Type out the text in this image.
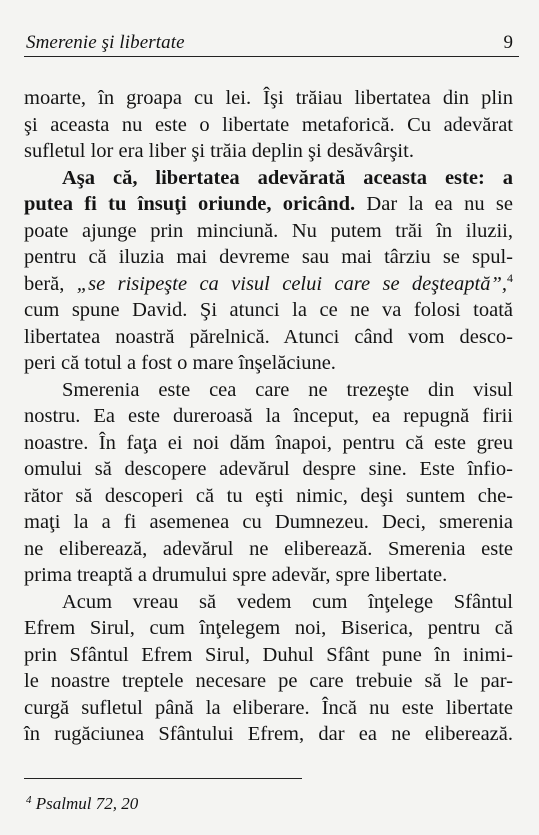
Smerenie şi libertate	9
moarte, în groapa cu lei. Îşi trăiau libertatea din plin
şi aceasta nu este o libertate metaforică. Cu adevărat
sufletul lor era liber şi trăia deplin şi desăvârşit.
Aşa că, libertatea adevărată aceasta este: a
putea fi tu însuţi oriunde, oricând. Dar la ea nu se
poate ajunge prin minciună. Nu putem trăi în iluzii,
pentru că iluzia mai devreme sau mai târziu se spul-
beră, „se risipeşte ca visul celui care se deşteaptă”,$^4$
cum spune David. Şi atunci la ce ne va folosi toată
libertatea noastră părelnică. Atunci când vom desco-
peri că totul a fost o mare înşelăciune.
Smerenia este cea care ne trezeşte din visul
nostru. Ea este dureroasă la început, ea repugnă firii
noastre. În faţa ei noi dăm înapoi, pentru că este greu
omului să descopere adevărul despre sine. Este înfio-
rător să descoperi că tu eşti nimic, deşi suntem che-
maţi la a fi asemenea cu Dumnezeu. Deci, smerenia
ne eliberează, adevărul ne eliberează. Smerenia este
prima treaptă a drumului spre adevăr, spre libertate.
Acum vreau să vedem cum înţelege Sfântul
Efrem Sirul, cum înţelegem noi, Biserica, pentru că
prin Sfântul Efrem Sirul, Duhul Sfânt pune în inimi-
le noastre treptele necesare pe care trebuie să le par-
curgă sufletul până la eliberare. Încă nu este libertate
în rugăciunea Sfântului Efrem, dar ea ne eliberează.
$^4$ Psalmul 72, 20
